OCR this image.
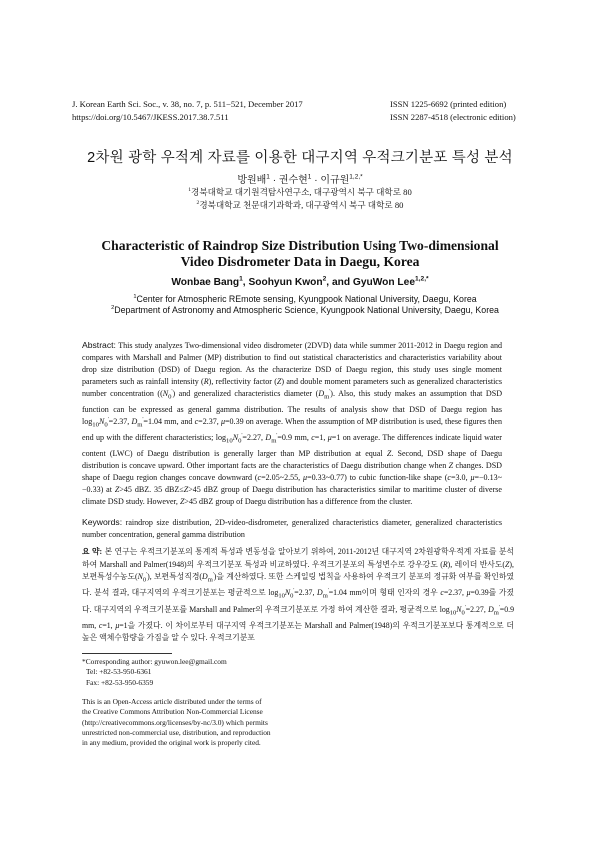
J. Korean Earth Sci. Soc., v. 38, no. 7, p. 511−521, December 2017
https://doi.org/10.5467/JKESS.2017.38.7.511
ISSN 1225-6692 (printed edition)
ISSN 2287-4518 (electronic edition)
2차원 광학 우적계 자료를 이용한 대구지역 우적크기분포 특성 분석
방원배$^1$ · 권수현$^1$ · 이규원$^{1,2,*}$
$^1$경북대학교 대기원격탐사연구소, 대구광역시 북구 대학로 80
$^2$경북대학교 천문대기과학과, 대구광역시 북구 대학로 80
Characteristic of Raindrop Size Distribution Using Two-dimensional
Video Disdrometer Data in Daegu, Korea
Wonbae Bang$^1$, Soohyun Kwon$^2$, and GyuWon Lee$^{1,2,*}$
$^1$Center for Atmospheric REmote sensing, Kyungpook National University, Daegu, Korea
$^2$Department of Astronomy and Atmospheric Science, Kyungpook National University, Daegu, Korea
Abstract: This study analyzes Two-dimensional video disdrometer (2DVD) data while summer 2011-2012 in Daegu region and compares with Marshall and Palmer (MP) distribution to find out statistical characteristics and characteristics variability about drop size distribution (DSD) of Daegu region. As the characterize DSD of Daegu region, this study uses single moment parameters such as rainfall intensity (R), reflectivity factor (Z) and double moment parameters such as generalized characteristics number concentration ($(N_0')$ and generalized characteristics diameter $(D_m')$. Also, this study makes an assumption that DSD function can be expressed as general gamma distribution. The results of analysis show that DSD of Daegu region has $\log_{10}N_0'=2.37$, $D_m'=1.04$ mm, and c=2.37, μ=0.39 on average. When the assumption of MP distribution is used, these figures then end up with the different characteristics; $\log_{10}N_0'=2.27$, $D_m'=0.9$ mm, c=1, μ=1 on average. The differences indicate liquid water content (LWC) of Daegu distribution is generally larger than MP distribution at equal Z. Second, DSD shape of Daegu distribution is concave upward. Other important facts are the characteristics of Daegu distribution change when Z changes. DSD shape of Daegu region changes concave downward (c=2.05~2.55, μ=0.33~0.77) to cubic function-like shape (c=3.0, μ=−0.13~ −0.33) at Z>45 dBZ. 35 dBZ≤Z>45 dBZ group of Daegu distribution has characteristics similar to maritime cluster of diverse climate DSD study. However, Z>45 dBZ group of Daegu distribution has a difference from the cluster.
Keywords: raindrop size distribution, 2D-video-disdrometer, generalized characteristics diameter, generalized characteristics number concentration, general gamma distribution
요 약: 본 연구는 우적크기분포의 통계적 특성과 변동성을 알아보기 위하여, 2011-2012년 대구지역 2차원광학우적계 자료를 분석하여 Marshall and Palmer(1948)의 우적크기분포 특성과 비교하였다. 우적크기분포의 특성변수로 강우강도 (R), 레이더 반사도(Z), 보편특성수농도$(N_0')$, 보편특성직경$(D_m')$을 계산하였다. 또한 스케일링 법칙을 사용하여 우적크기 분포의 정규화 여부를 확인하였다. 분석 결과, 대구지역의 우적크기분포는 평균적으로 $\log_{10}N_0'=2.37$, $D_m'=1.04$ mm이며 형태 인자의 경우 c=2.37, μ=0.39를 가졌다. 대구지역의 우적크기분포를 Marshall and Palmer의 우적크기분포로 가정 하여 계산한 결과, 평균적으로 $\log_{10}N_0'=2.27$, $D_m'=0.9$ mm, c=1, μ=1을 가졌다. 이 차이로부터 대구지역 우적크기분포는 Marshall and Palmer(1948)의 우적크기분포보다 통계적으로 더 높은 액체수함량을 가짐을 알 수 있다. 우적크기분포
*Corresponding author: gyuwon.lee@gmail.com
Tel: +82-53-950-6361
Fax: +82-53-950-6359
This is an Open-Access article distributed under the terms of the Creative Commons Attribution Non-Commercial License (http://creativecommons.org/licenses/by-nc/3.0) which permits unrestricted non-commercial use, distribution, and reproduction in any medium, provided the original work is properly cited.
